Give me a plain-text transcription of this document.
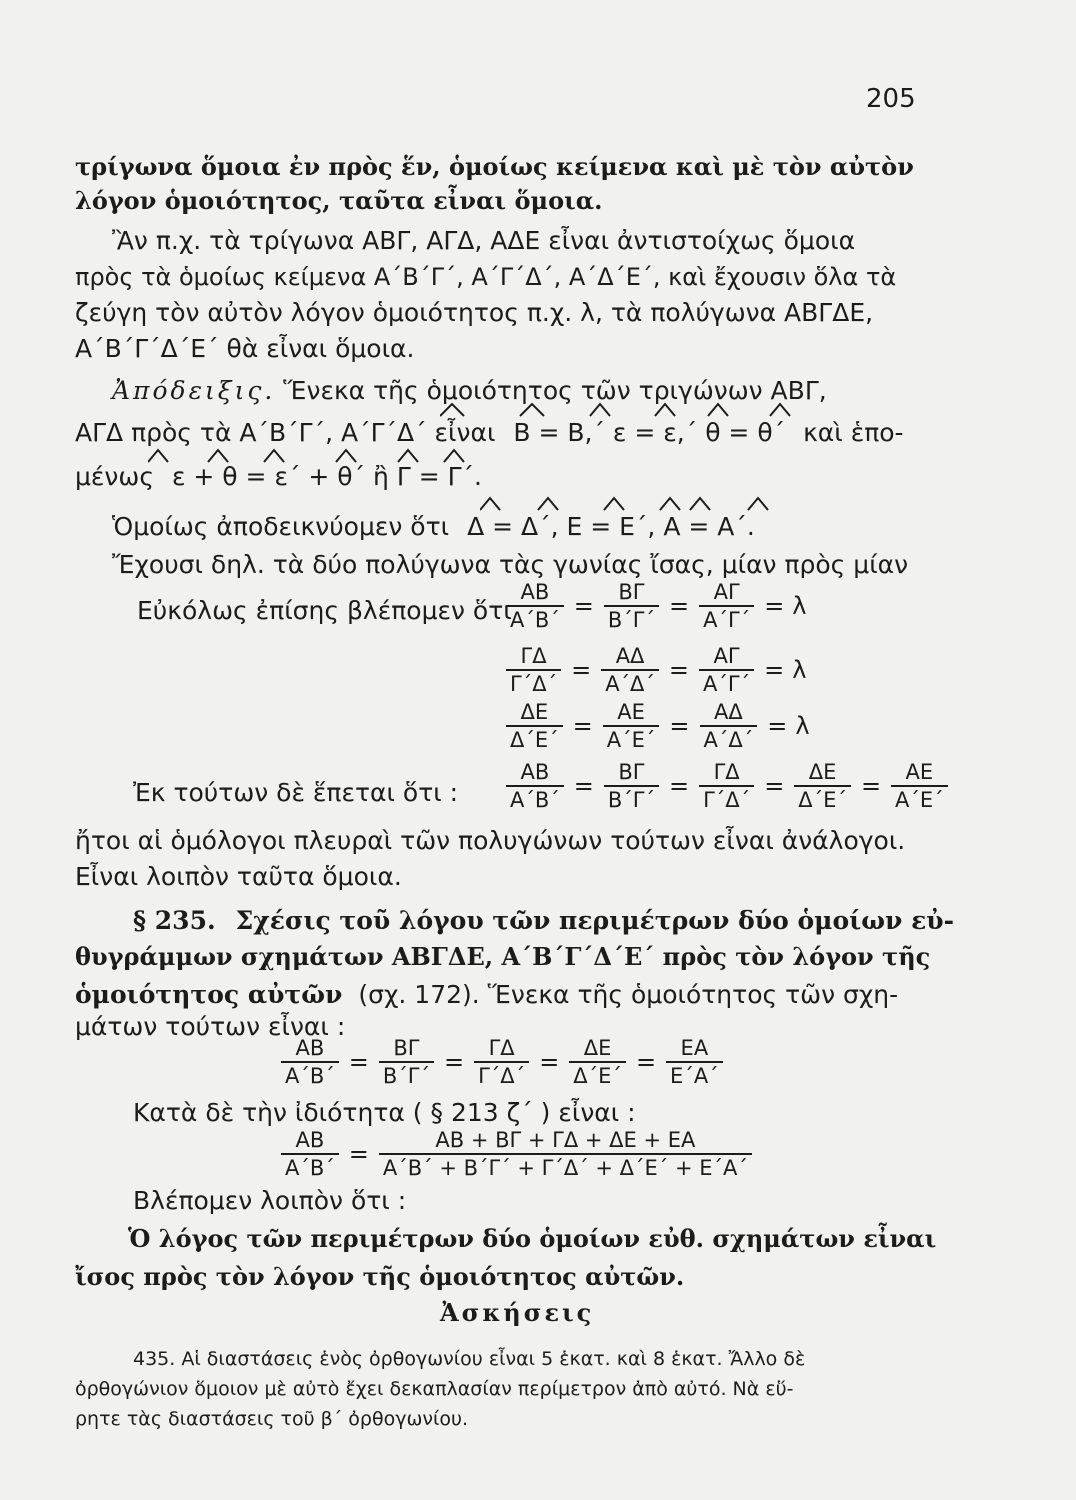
205
τρίγωνα ὅμοια ἐν πρὸς ἕν, ὁμοίως κείμενα καὶ μὲ τὸν αὐτὸν
λόγον ὁμοιότητος, ταῦτα εἶναι ὅμοια.
Ἂν π.χ. τὰ τρίγωνα ΑΒΓ, ΑΓΔ, ΑΔΕ εἶναι ἀντιστοίχως ὅμοια
πρὸς τὰ ὁμοίως κείμενα Α΄Β΄Γ΄, Α΄Γ΄Δ΄, Α΄Δ΄Ε΄, καὶ ἔχουσιν ὅλα τὰ
ζεύγη τὸν αὐτὸν λόγον ὁμοιότητος π.χ. λ, τὰ πολύγωνα ΑΒΓΔΕ,
Α΄Β΄Γ΄Δ΄Ε΄ θὰ εἶναι ὅμοια.
Ἀπόδειξις. Ἕνεκα τῆς ὁμοιότητος τῶν τριγώνων ΑΒΓ,
ΑΓΔ πρὸς τὰ Α΄Β΄Γ΄, Α΄Γ΄Δ΄ εἶναι Β = Β,΄ ε = ε,΄ θ = θ΄ καὶ ἑπο-
μένως ε + θ = ε΄ + θ΄ ἢ Γ = Γ΄.
Ὁμοίως ἀποδεικνύομεν ὅτι Δ = Δ΄, Ε = Ε΄, Α = Α΄.
Ἔχουσι δηλ. τὰ δύο πολύγωνα τὰς γωνίας ἴσας, μίαν πρὸς μίαν
Εὐκόλως ἐπίσης βλέπομεν ὅτι
$\frac{AB}{A΄B΄} = \frac{B\Gamma}{B΄\Gamma΄} = \frac{A\Gamma}{A΄\Gamma΄} = \lambda$
$\frac{\Gamma\Delta}{\Gamma΄\Delta΄} = \frac{A\Delta}{A΄\Delta΄} = \frac{A\Gamma}{A΄\Gamma΄} = \lambda$
$\frac{\Delta E}{\Delta΄E΄} = \frac{AE}{A΄E΄} = \frac{A\Delta}{A΄\Delta΄} = \lambda$
Ἐκ τούτων δὲ ἕπεται ὅτι : $\frac{AB}{A΄B΄} = \frac{B\Gamma}{B΄\Gamma΄} = \frac{\Gamma\Delta}{\Gamma΄\Delta΄} = \frac{\Delta E}{\Delta΄E΄} = \frac{AE}{A΄E΄}$
ἤτοι αἱ ὁμόλογοι πλευραὶ τῶν πολυγώνων τούτων εἶναι ἀνάλογοι.
Εἶναι λοιπὸν ταῦτα ὅμοια.
§ 235. Σχέσις τοῦ λόγου τῶν περιμέτρων δύο ὁμοίων εὐ-
θυγράμμων σχημάτων ΑΒΓΔΕ, Α΄Β΄Γ΄Δ΄Ε΄ πρὸς τὸν λόγον τῆς
ὁμοιότητος αὐτῶν (σχ. 172). Ἕνεκα τῆς ὁμοιότητος τῶν σχη-
μάτων τούτων εἶναι :
$\frac{AB}{A΄B΄} = \frac{B\Gamma}{B΄\Gamma΄} = \frac{\Gamma\Delta}{\Gamma΄\Delta΄} = \frac{\Delta E}{\Delta΄E΄} = \frac{EA}{E΄A΄}$
Κατὰ δὲ τὴν ἰδιότητα ( § 213 ζ΄ ) εἶναι :
$\frac{AB}{A΄B΄} = \frac{AB + B\Gamma + \Gamma\Delta + \Delta E + EA}{A΄B΄ + B΄\Gamma΄ + \Gamma΄\Delta΄ + \Delta΄E΄ + E΄A΄}$
Βλέπομεν λοιπὸν ὅτι :
Ὁ λόγος τῶν περιμέτρων δύο ὁμοίων εὐθ. σχημάτων εἶναι
ἴσος πρὸς τὸν λόγον τῆς ὁμοιότητος αὐτῶν.
Ἀσκήσεις
435. Αἱ διαστάσεις ἑνὸς ὀρθογωνίου εἶναι 5 ἑκατ. καὶ 8 ἑκατ. Ἄλλο δὲ
ὀρθογώνιον ὅμοιον μὲ αὐτὸ ἔχει δεκαπλασίαν περίμετρον ἀπὸ αὐτό. Νὰ εὕ-
ρητε τὰς διαστάσεις τοῦ β΄ ὀρθογωνίου.
